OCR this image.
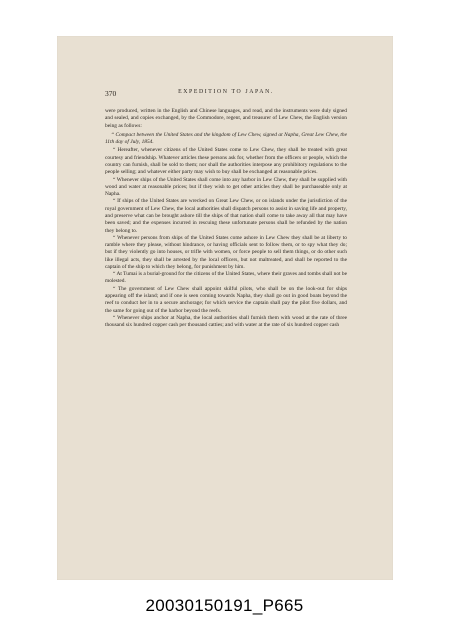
370	EXPEDITION TO JAPAN.

were produced, written in the English and Chinese languages, and read, and the instruments were duly signed and sealed, and copies exchanged, by the Commodore, regent, and treasurer of Lew Chew, the English version being as follows:

“ Compact between the United States and the kingdom of Lew Chew, signed at Napha, Great Lew Chew, the 11th day of July, 1854.

“ Hereafter, whenever citizens of the United States come to Lew Chew, they shall be treated with great courtesy and friendship. Whatever articles these persons ask for, whether from the officers or people, which the country can furnish, shall be sold to them; nor shall the authorities interpose any prohibitory regulations to the people selling; and whatever either party may wish to buy shall be exchanged at reasonable prices.

“ Whenever ships of the United States shall come into any harbor in Lew Chew, they shall be supplied with wood and water at reasonable prices; but if they wish to get other articles they shall be purchaseable only at Napha.

“ If ships of the United States are wrecked on Great Lew Chew, or on islands under the jurisdiction of the royal government of Lew Chew, the local authorities shall dispatch persons to assist in saving life and property, and preserve what can be brought ashore till the ships of that nation shall come to take away all that may have been saved; and the expenses incurred in rescuing these unfortunate persons shall be refunded by the nation they belong to.

“ Whenever persons from ships of the United States come ashore in Lew Chew they shall be at liberty to ramble where they please, without hindrance, or having officials sent to follow them, or to spy what they do; but if they violently go into houses, or trifle with women, or force people to sell them things, or do other such like illegal acts, they shall be arrested by the local officers, but not maltreated, and shall be reported to the captain of the ship to which they belong, for punishment by him.

“ At Tumai is a burial-ground for the citizens of the United States, where their graves and tombs shall not be molested.

“ The government of Lew Chew shall appoint skilful pilots, who shall be on the look-out for ships appearing off the island; and if one is seen coming towards Napha, they shall go out in good boats beyond the reef to conduct her in to a secure anchorage; for which service the captain shall pay the pilot five dollars, and the same for going out of the harbor beyond the reefs.

“ Whenever ships anchor at Napha, the local authorities shall furnish them with wood at the rate of three thousand six hundred copper cash per thousand catties; and with water at the rate of six hundred copper cash

20030150191_P665
